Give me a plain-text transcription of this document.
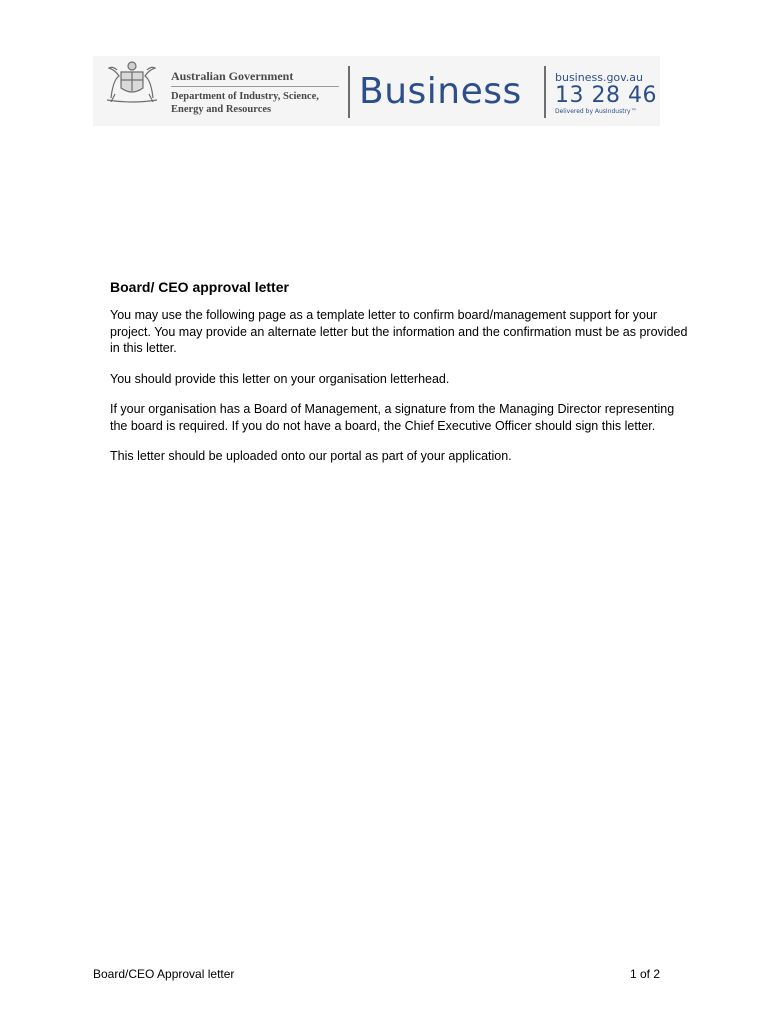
Australian Government
Department of Industry, Science,
Energy and Resources	Business	business.gov.au
13 28 46
Delivered by AusIndustry™
Board/ CEO approval letter

You may use the following page as a template letter to confirm board/management support for your project. You may provide an alternate letter but the information and the confirmation must be as provided in this letter.

You should provide this letter on your organisation letterhead.

If your organisation has a Board of Management, a signature from the Managing Director representing the board is required. If you do not have a board, the Chief Executive Officer should sign this letter.

This letter should be uploaded onto our portal as part of your application.

Board/CEO Approval letter	1 of 2
